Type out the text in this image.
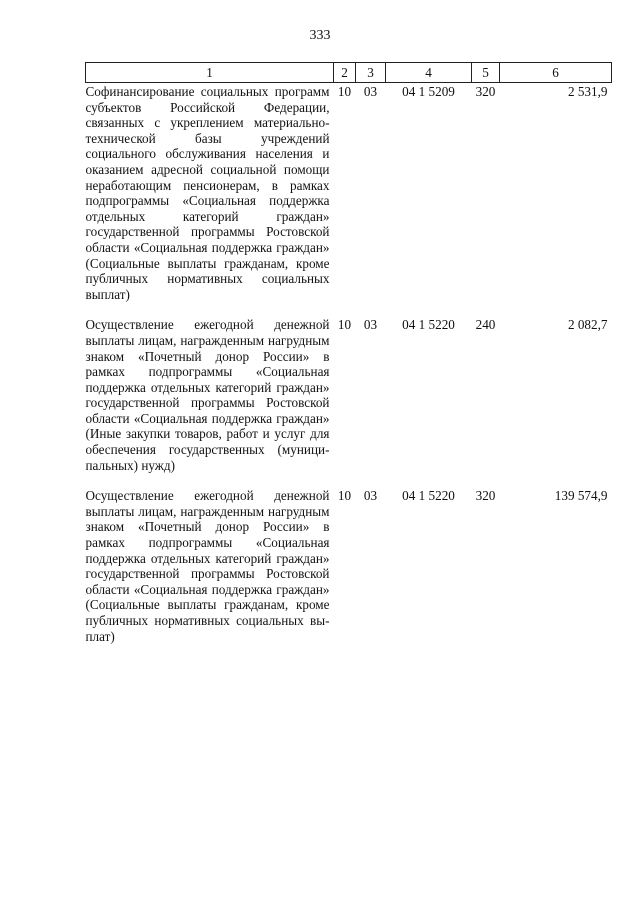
333
1	2	3	4	5	6
Софинансирование социальных программ субъектов Российской Федерации, связанных с укреплением материально-технической базы учреждений социального обслуживания населения и оказанием адресной социальной помощи неработающим пенсионерам, в рамках подпрограммы «Социальная поддержка отдельных категорий граждан» государственной программы Ростовской области «Социальная поддержка граждан» (Социальные выплаты гражданам, кроме публичных нормативных социальных выплат)	10	03	04 1 5209	320	2 531,9
Осуществление ежегодной денежной выплаты лицам, награжденным нагрудным знаком «Почетный донор России» в рамках подпрограммы «Социальная поддержка отдельных категорий граждан» государственной программы Ростовской области «Социальная поддержка граждан» (Иные закупки товаров, работ и услуг для обеспечения государственных (муниципальных) нужд)	10	03	04 1 5220	240	2 082,7
Осуществление ежегодной денежной выплаты лицам, награжденным нагрудным знаком «Почетный донор России» в рамках подпрограммы «Социальная поддержка отдельных категорий граждан» государственной программы Ростовской области «Социальная поддержка граждан» (Социальные выплаты гражданам, кроме публичных нормативных социальных выплат)	10	03	04 1 5220	320	139 574,9
